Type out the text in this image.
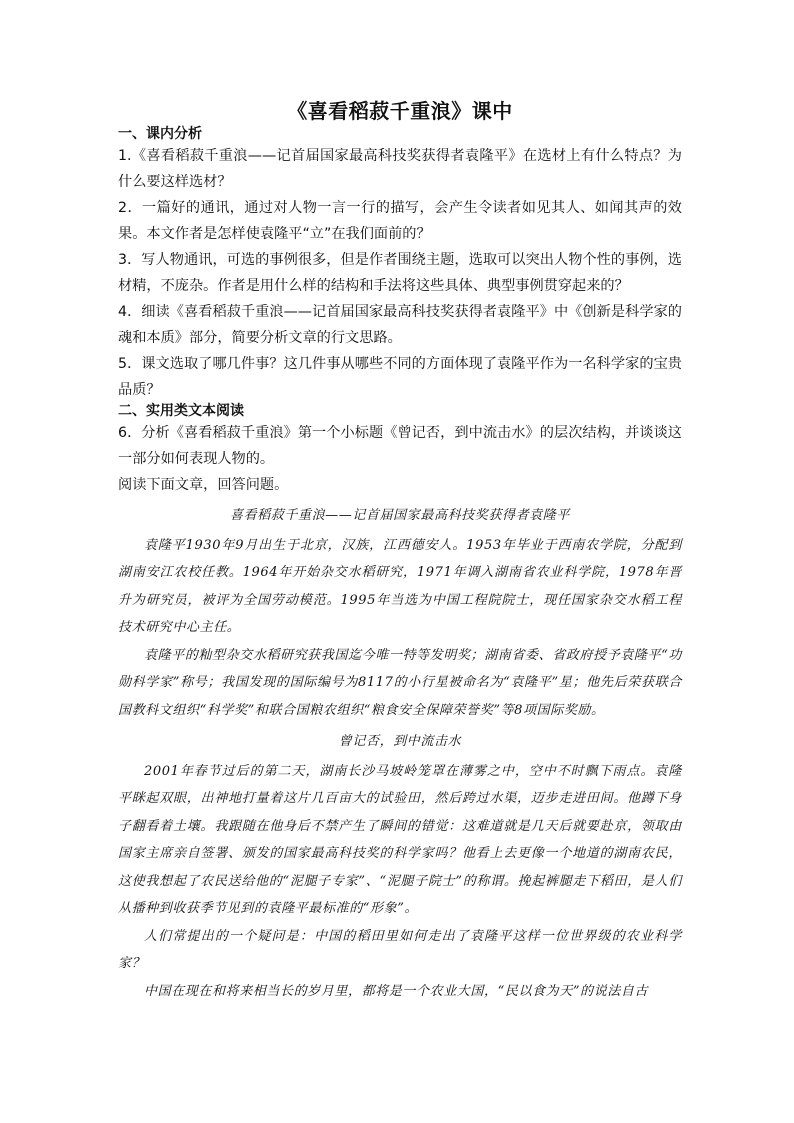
《喜看稻菽千重浪》课中
一、课内分析

1.《喜看稻菽千重浪——记首届国家最高科技奖获得者袁隆平》在选材上有什么特点？为什么要这样选材？

2．一篇好的通讯，通过对人物一言一行的描写，会产生令读者如见其人、如闻其声的效果。本文作者是怎样使袁隆平“立”在我们面前的？

3．写人物通讯，可选的事例很多，但是作者围绕主题，选取可以突出人物个性的事例，选材精，不庞杂。作者是用什么样的结构和手法将这些具体、典型事例贯穿起来的？

4．细读《喜看稻菽千重浪——记首届国家最高科技奖获得者袁隆平》中《创新是科学家的魂和本质》部分，简要分析文章的行文思路。

5．课文选取了哪几件事？这几件事从哪些不同的方面体现了袁隆平作为一名科学家的宝贵品质？

二、实用类文本阅读

6．分析《喜看稻菽千重浪》第一个小标题《曾记否，到中流击水》的层次结构，并谈谈这一部分如何表现人物的。

阅读下面文章，回答问题。

喜看稻菽千重浪——记首届国家最高科技奖获得者袁隆平

袁隆平1930年9月出生于北京，汉族，江西德安人。1953年毕业于西南农学院，分配到湖南安江农校任教。1964年开始杂交水稻研究，1971年调入湖南省农业科学院，1978年晋升为研究员，被评为全国劳动模范。1995年当选为中国工程院院士，现任国家杂交水稻工程技术研究中心主任。

袁隆平的籼型杂交水稻研究获我国迄今唯一特等发明奖；湖南省委、省政府授予袁隆平“功勋科学家”称号；我国发现的国际编号为8117的小行星被命名为“袁隆平”星；他先后荣获联合国教科文组织“科学奖”和联合国粮农组织“粮食安全保障荣誉奖”等8项国际奖励。

曾记否，到中流击水

2001年春节过后的第二天，湖南长沙马坡岭笼罩在薄雾之中，空中不时飘下雨点。袁隆平眯起双眼，出神地打量着这片几百亩大的试验田，然后跨过水渠，迈步走进田间。他蹲下身子翻看着土壤。我跟随在他身后不禁产生了瞬间的错觉：这难道就是几天后就要赴京，领取由国家主席亲自签署、颁发的国家最高科技奖的科学家吗？他看上去更像一个地道的湖南农民，这使我想起了农民送给他的“泥腿子专家”、“泥腿子院士”的称谓。挽起裤腿走下稻田，是人们从播种到收获季节见到的袁隆平最标准的“形象”。

人们常提出的一个疑问是：中国的稻田里如何走出了袁隆平这样一位世界级的农业科学家？

中国在现在和将来相当长的岁月里，都将是一个农业大国，“民以食为天”的说法自古
